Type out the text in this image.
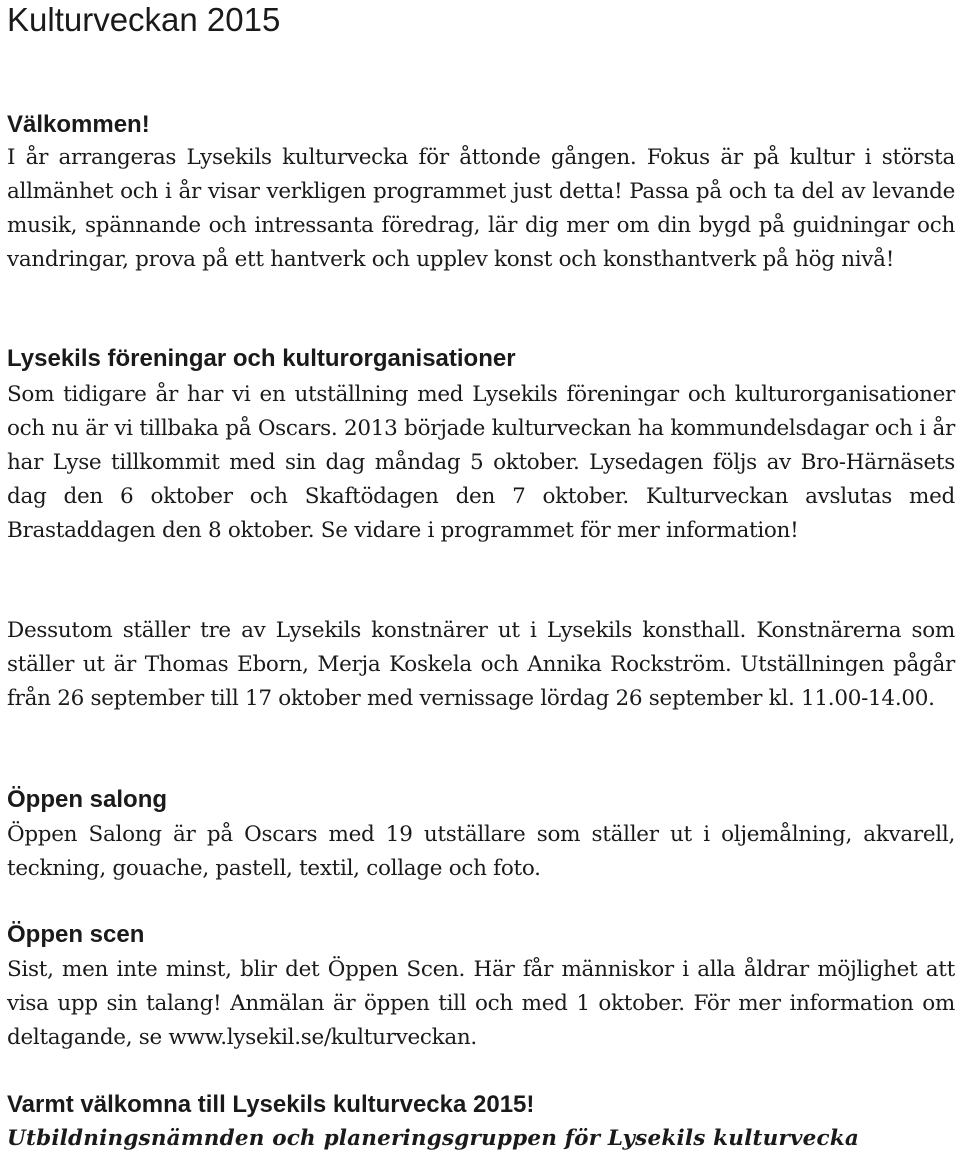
Kulturveckan 2015
Välkommen!

I år arrangeras Lysekils kulturvecka för åttonde gången. Fokus är på kultur i största allmänhet och i år visar verkligen programmet just detta! Passa på och ta del av levande musik, spännande och intressanta föredrag, lär dig mer om din bygd på guidningar och vandringar, prova på ett hantverk och upplev konst och konsthantverk på hög nivå!

Lysekils föreningar och kulturorganisationer

Som tidigare år har vi en utställning med Lysekils föreningar och kulturorganisationer och nu är vi tillbaka på Oscars. 2013 började kulturveckan ha kommundelsdagar och i år har Lyse tillkommit med sin dag måndag 5 oktober. Lysedagen följs av Bro-Härnäsets dag den 6 oktober och Skaftödagen den 7 oktober. Kulturveckan avslutas med Brastaddagen den 8 oktober. Se vidare i programmet för mer information!

Dessutom ställer tre av Lysekils konstnärer ut i Lysekils konsthall. Konstnärerna som ställer ut är Thomas Eborn, Merja Koskela och Annika Rockström. Utställningen pågår från 26 september till 17 oktober med vernissage lördag 26 september kl. 11.00-14.00.

Öppen salong

Öppen Salong är på Oscars med 19 utställare som ställer ut i oljemålning, akvarell, teckning, gouache, pastell, textil, collage och foto.

Öppen scen

Sist, men inte minst, blir det Öppen Scen. Här får människor i alla åldrar möjlighet att visa upp sin talang! Anmälan är öppen till och med 1 oktober. För mer information om deltagande, se www.lysekil.se/kulturveckan.

Varmt välkomna till Lysekils kulturvecka 2015!

Utbildningsnämnden och planeringsgruppen för Lysekils kulturvecka
